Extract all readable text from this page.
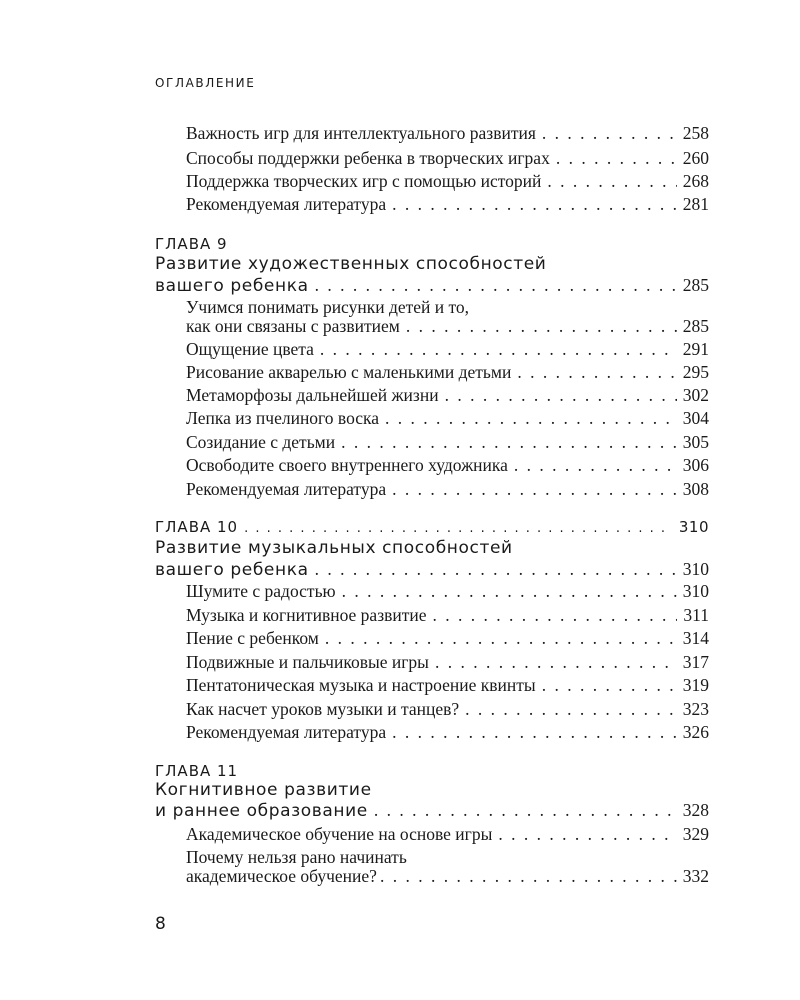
ОГЛАВЛЕНИЕ
Важность игр для интеллектуального развития . . .	258
Способы поддержки ребенка в творческих играх . . .	260
Поддержка творческих игр с помощью историй . . .	268
Рекомендуемая литература . . .	281
ГЛАВА 9
Развитие художественных способностей
вашего ребенка . . .	285
Учимся понимать рисунки детей и то,
как они связаны с развитием . . .	285
Ощущение цвета . . .	291
Рисование акварелью с маленькими детьми . . .	295
Метаморфозы дальнейшей жизни . . .	302
Лепка из пчелиного воска . . .	304
Созидание с детьми . . .	305
Освободите своего внутреннего художника . . .	306
Рекомендуемая литература . . .	308
ГЛАВА 10 . . .	310
Развитие музыкальных способностей
вашего ребенка . . .	310
Шумите с радостью . . .	310
Музыка и когнитивное развитие . . .	311
Пение с ребенком . . .	314
Подвижные и пальчиковые игры . . .	317
Пентатоническая музыка и настроение квинты . . .	319
Как насчет уроков музыки и танцев? . . .	323
Рекомендуемая литература . . .	326
ГЛАВА 11
Когнитивное развитие
и раннее образование . . .	328
Академическое обучение на основе игры . . .	329
Почему нельзя рано начинать
академическое обучение? . . .	332
8
